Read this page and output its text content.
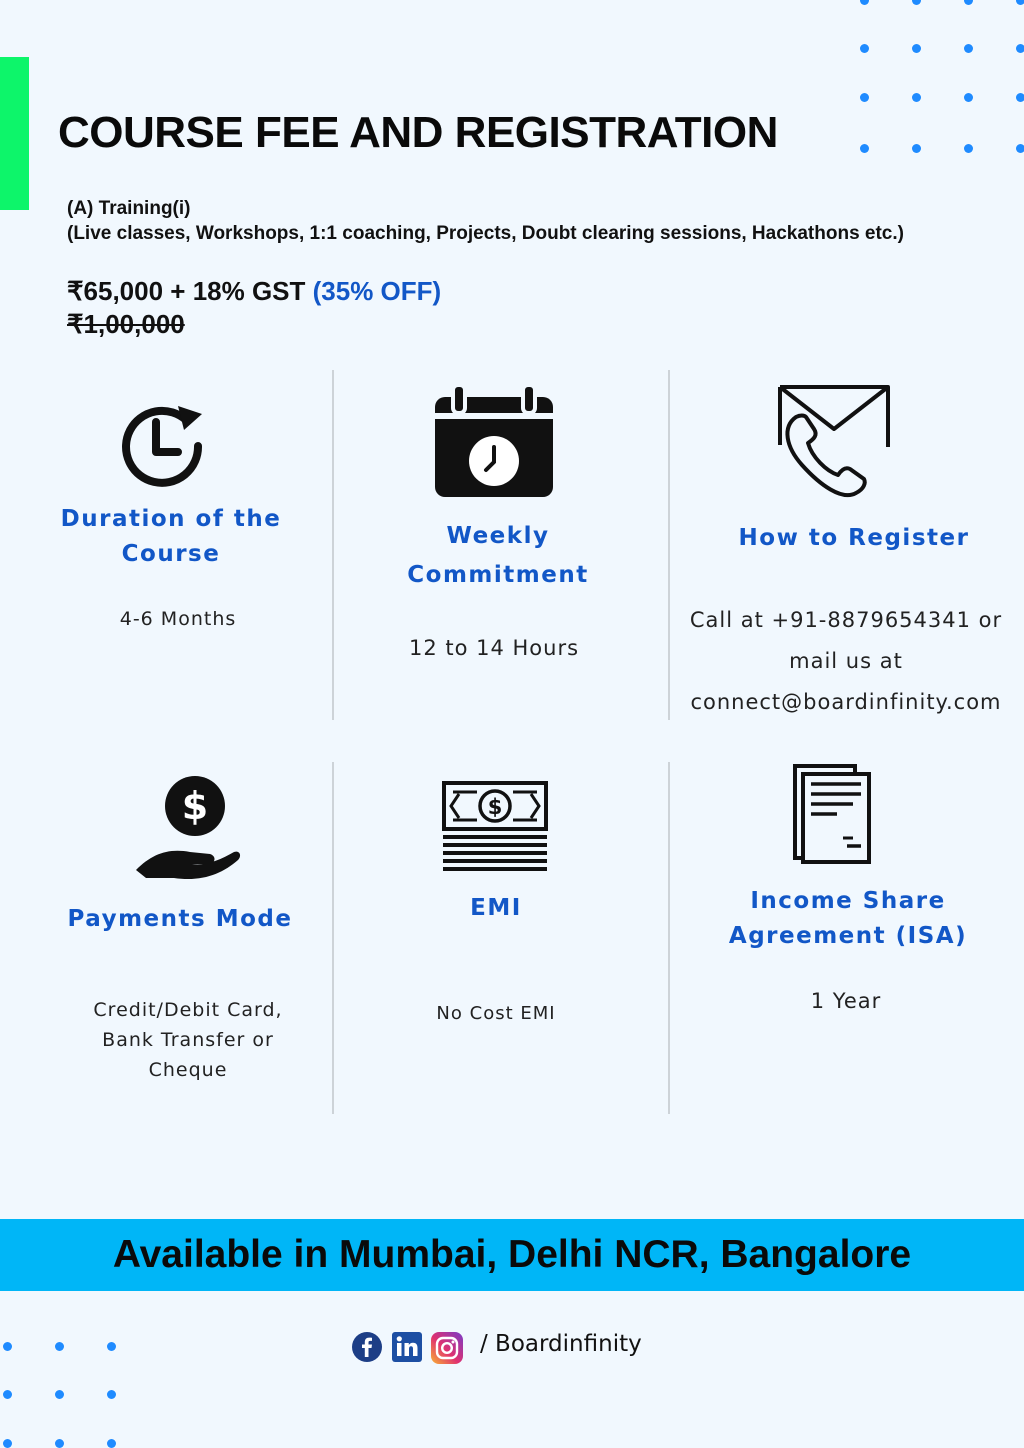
COURSE FEE AND REGISTRATION
(A) Training(i)
(Live classes, Workshops, 1:1 coaching, Projects, Doubt clearing sessions, Hackathons etc.)
₹65,000 + 18% GST (35% OFF)
₹1,00,000
Duration of the Course
4-6 Months
Weekly Commitment
12 to 14 Hours
How to Register
Call at +91-8879654341 or
mail us at
connect@boardinfinity.com
$
Payments Mode
Credit/Debit Card,
Bank Transfer or
Cheque
$
EMI
No Cost EMI
Income Share Agreement (ISA)
1 Year
Available in Mumbai, Delhi NCR, Bangalore
/ Boardinfinity
